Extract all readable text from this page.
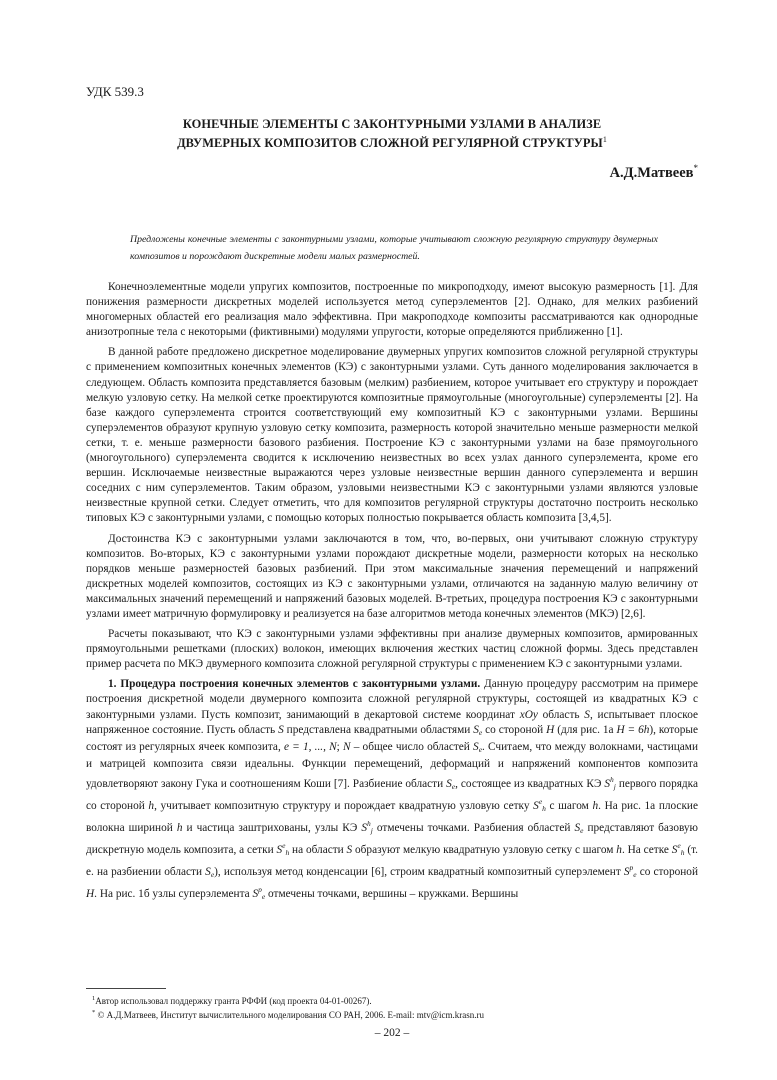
УДК 539.3
КОНЕЧНЫЕ ЭЛЕМЕНТЫ С ЗАКОНТУРНЫМИ УЗЛАМИ В АНАЛИЗЕ
ДВУМЕРНЫХ КОМПОЗИТОВ СЛОЖНОЙ РЕГУЛЯРНОЙ СТРУКТУРЫ$^1$
А.Д.Матвеев*
Предложены конечные элементы с законтурными узлами, которые учитывают сложную регулярную структуру двумерных композитов и порождают дискретные модели малых размерностей.

Конечноэлементные модели упругих композитов, построенные по микроподходу, имеют высокую размерность [1]. Для понижения размерности дискретных моделей используется метод суперэлементов [2]. Однако, для мелких разбиений многомерных областей его реализация мало эффективна. При макроподходе композиты рассматриваются как однородные анизотропные тела с некоторыми (фиктивными) модулями упругости, которые определяются приближенно [1].

В данной работе предложено дискретное моделирование двумерных упругих композитов сложной регулярной структуры с применением композитных конечных элементов (КЭ) с законтурными узлами. Суть данного моделирования заключается в следующем. Область композита представляется базовым (мелким) разбиением, которое учитывает его структуру и порождает мелкую узловую сетку. На мелкой сетке проектируются композитные прямоугольные (многоугольные) суперэлементы [2]. На базе каждого суперэлемента строится соответствующий ему композитный КЭ с законтурными узлами. Вершины суперэлементов образуют крупную узловую сетку композита, размерность которой значительно меньше размерности мелкой сетки, т. е. меньше размерности базового разбиения. Построение КЭ с законтурными узлами на базе прямоугольного (многоугольного) суперэлемента сводится к исключению неизвестных во всех узлах данного суперэлемента, кроме его вершин. Исключаемые неизвестные выражаются через узловые неизвестные вершин данного суперэлемента и вершин соседних с ним суперэлементов. Таким образом, узловыми неизвестными КЭ с законтурными узлами являются узловые неизвестные крупной сетки. Следует отметить, что для композитов регулярной структуры достаточно построить несколько типовых КЭ с законтурными узлами, с помощью которых полностью покрывается область композита [3,4,5].

Достоинства КЭ с законтурными узлами заключаются в том, что, во-первых, они учитывают сложную структуру композитов. Во-вторых, КЭ с законтурными узлами порождают дискретные модели, размерности которых на несколько порядков меньше размерностей базовых разбиений. При этом максимальные значения перемещений и напряжений дискретных моделей композитов, состоящих из КЭ с законтурными узлами, отличаются на заданную малую величину от максимальных значений перемещений и напряжений базовых моделей. В-третьих, процедура построения КЭ с законтурными узлами имеет матричную формулировку и реализуется на базе алгоритмов метода конечных элементов (МКЭ) [2,6].

Расчеты показывают, что КЭ с законтурными узлами эффективны при анализе двумерных композитов, армированных прямоугольными решетками (плоских) волокон, имеющих включения жестких частиц сложной формы. Здесь представлен пример расчета по МКЭ двумерного композита сложной регулярной структуры с применением КЭ с законтурными узлами.

1. Процедура построения конечных элементов с законтурными узлами. Данную процедуру рассмотрим на примере построения дискретной модели двумерного композита сложной регулярной структуры, состоящей из квадратных КЭ с законтурными узлами. Пусть композит, занимающий в декартовой системе координат xOy область S, испытывает плоское напряженное состояние. Пусть область S представлена квадратными областями $S_e$ со стороной H (для рис. 1а H = 6h), которые состоят из регулярных ячеек композита, e = 1, ..., N; N – общее число областей $S_e$. Считаем, что между волокнами, частицами и матрицей композита связи идеальны. Функции перемещений, деформаций и напряжений компонентов композита удовлетворяют закону Гука и соотношениям Коши [7]. Разбиение области $S_e$, состоящее из квадратных КЭ $S^h_j$ первого порядка со стороной h, учитывает композитную структуру и порождает квадратную узловую сетку $S^e_h$ с шагом h. На рис. 1а плоские волокна шириной h и частица заштрихованы, узлы КЭ $S^h_j$ отмечены точками. Разбиения областей $S_e$ представляют базовую дискретную модель композита, а сетки $S^e_h$ на области S образуют мелкую квадратную узловую сетку с шагом h. На сетке $S^e_h$ (т. е. на разбиении области $S_e$), используя метод конденсации [6], строим квадратный композитный суперэлемент $S^p_e$ со стороной H. На рис. 1б узлы суперэлемента $S^p_e$ отмечены точками, вершины – кружками. Вершины

$^1$Автор использовал поддержку гранта РФФИ (код проекта 04-01-00267).
* © А.Д.Матвеев, Институт вычислительного моделирования СО РАН, 2006. E-mail: mtv@icm.krasn.ru
– 202 –
